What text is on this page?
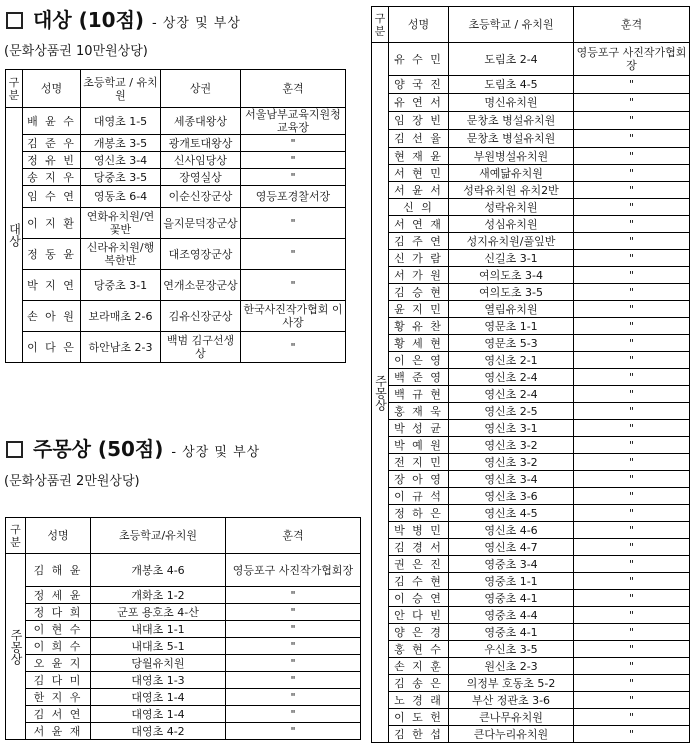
대상 (10점) - 상장 및 부상
(문화상품권 10만원상당)
구분	성명	초등학교 / 유치원	상권	훈격
대상	배 윤 수	대영초 1-5	세종대왕상	서울남부교육지원청 교육장
	김 준 우	개봉초 3-5	광개토대왕상	"
	정 유 빈	영신초 3-4	신사임당상	"
	송 지 우	당중초 3-5	장영실상	"
	임 수 연	영동초 6-4	이순신장군상	영등포경찰서장
	이 지 환	연화유치원/연꽃반	을지문덕장군상	"
	정 동 윤	신라유치원/행복한반	대조영장군상	"
	박 지 연	당중초 3-1	연개소문장군상	"
	손 아 원	보라매초 2-6	김유신장군상	한국사진작가협회 이사장
	이 다 은	하안남초 2-3	백범 김구선생상	"
주몽상 (50점) - 상장 및 부상
(문화상품권 2만원상당)
구분	성명	초등학교/유치원	훈격
주몽상	김 해 윤	개봉초 4-6	영등포구 사진작가협회장
	정 세 윤	개화초 1-2	"
	정 다 희	군포 용호초 4-산	"
	이 현 수	내대초 1-1	"
	이 희 수	내대초 5-1	"
	오 윤 지	당월유치원	"
	김 다 미	대영초 1-3	"
	한 지 우	대영초 1-4	"
	김 서 연	대영초 1-4	"
	서 윤 재	대영초 4-2	"
구분	성명	초등학교 / 유치원	훈격
주몽상	유 수 민	도림초 2-4	영등포구 사진작가협회장
	양 국 진	도림초 4-5	"
	유 연 서	명신유치원	"
	임 장 빈	문창초 병설유치원	"
	김 선 율	문창초 병설유치원	"
	현 재 윤	부원병설유치원	"
	서 현 민	새예닮유치원	"
	서 윤 서	성락유치원 유치2반	"
	신 의	성락유치원	"
	서 연 재	성심유치원	"
	김 주 연	성지유치원/풀잎반	"
	신 가 람	신길초 3-1	"
	서 가 원	여의도초 3-4	"
	김 승 현	여의도초 3-5	"
	윤 지 민	열림유치원	"
	황 유 찬	영문초 1-1	"
	황 세 현	영문초 5-3	"
	이 은 영	영신초 2-1	"
	백 준 영	영신초 2-4	"
	백 규 현	영신초 2-4	"
	홍 재 욱	영신초 2-5	"
	박 성 균	영신초 3-1	"
	박 예 원	영신초 3-2	"
	전 지 민	영신초 3-2	"
	장 아 영	영신초 3-4	"
	이 규 석	영신초 3-6	"
	정 하 은	영신초 4-5	"
	박 병 민	영신초 4-6	"
	김 경 서	영신초 4-7	"
	권 은 진	영중초 3-4	"
	김 수 현	영중초 1-1	"
	이 승 연	영중초 4-1	"
	안 다 빈	영중초 4-4	"
	양 은 경	영중초 4-1	"
	홍 현 수	우신초 3-5	"
	손 지 훈	원신초 2-3	"
	김 송 은	의정부 호동초 5-2	"
	노 경 래	부산 정관초 3-6	"
	이 도 헌	큰나무유치원	"
	김 한 섭	큰다누리유치원	"
